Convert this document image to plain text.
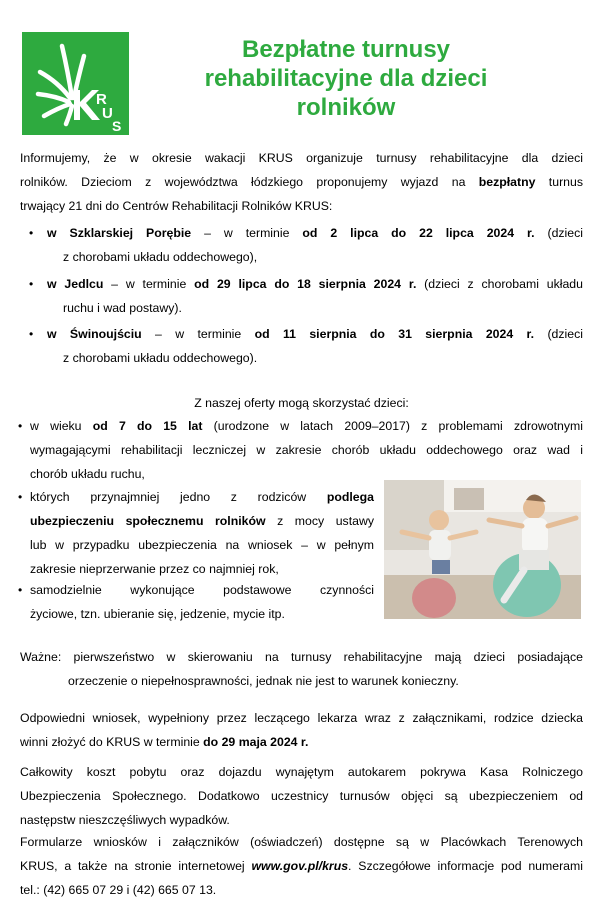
R
U
S
Bezpłatne turnusy
rehabilitacyjne dla dzieci
rolników
Informujemy, że w okresie wakacji KRUS organizuje turnusy rehabilitacyjne dla dzieci
rolników. Dzieciom z województwa łódzkiego proponujemy wyjazd na bezpłatny turnus
trwający 21 dni do Centrów Rehabilitacji Rolników KRUS:
• w Szklarskiej Porębie – w terminie od 2 lipca do 22 lipca 2024 r. (dzieci
z chorobami układu oddechowego),
• w Jedlcu – w terminie od 29 lipca do 18 sierpnia 2024 r. (dzieci z chorobami układu
ruchu i wad postawy).
• w Świnoujściu – w terminie od 11 sierpnia do 31 sierpnia 2024 r. (dzieci
z chorobami układu oddechowego).
Z naszej oferty mogą skorzystać dzieci:
• w wieku od 7 do 15 lat (urodzone w latach 2009–2017) z problemami zdrowotnymi
wymagającymi rehabilitacji leczniczej w zakresie chorób układu oddechowego oraz wad i
chorób układu ruchu,
• których przynajmniej jedno z rodziców podlega
ubezpieczeniu społecznemu rolników z mocy ustawy
lub w przypadku ubezpieczenia na wniosek – w pełnym
zakresie nieprzerwanie przez co najmniej rok,
• samodzielnie wykonujące podstawowe czynności
życiowe, tzn. ubieranie się, jedzenie, mycie itp.
Ważne: pierwszeństwo w skierowaniu na turnusy rehabilitacyjne mają dzieci posiadające
orzeczenie o niepełnosprawności, jednak nie jest to warunek konieczny.
Odpowiedni wniosek, wypełniony przez leczącego lekarza wraz z załącznikami, rodzice dziecka
winni złożyć do KRUS w terminie do 29 maja 2024 r.
Całkowity koszt pobytu oraz dojazdu wynajętym autokarem pokrywa Kasa Rolniczego
Ubezpieczenia Społecznego. Dodatkowo uczestnicy turnusów objęci są ubezpieczeniem od
następstw nieszczęśliwych wypadków.
Formularze wniosków i załączników (oświadczeń) dostępne są w Placówkach Terenowych
KRUS, a także na stronie internetowej www.gov.pl/krus. Szczegółowe informacje pod numerami
tel.: (42) 665 07 29 i (42) 665 07 13.
